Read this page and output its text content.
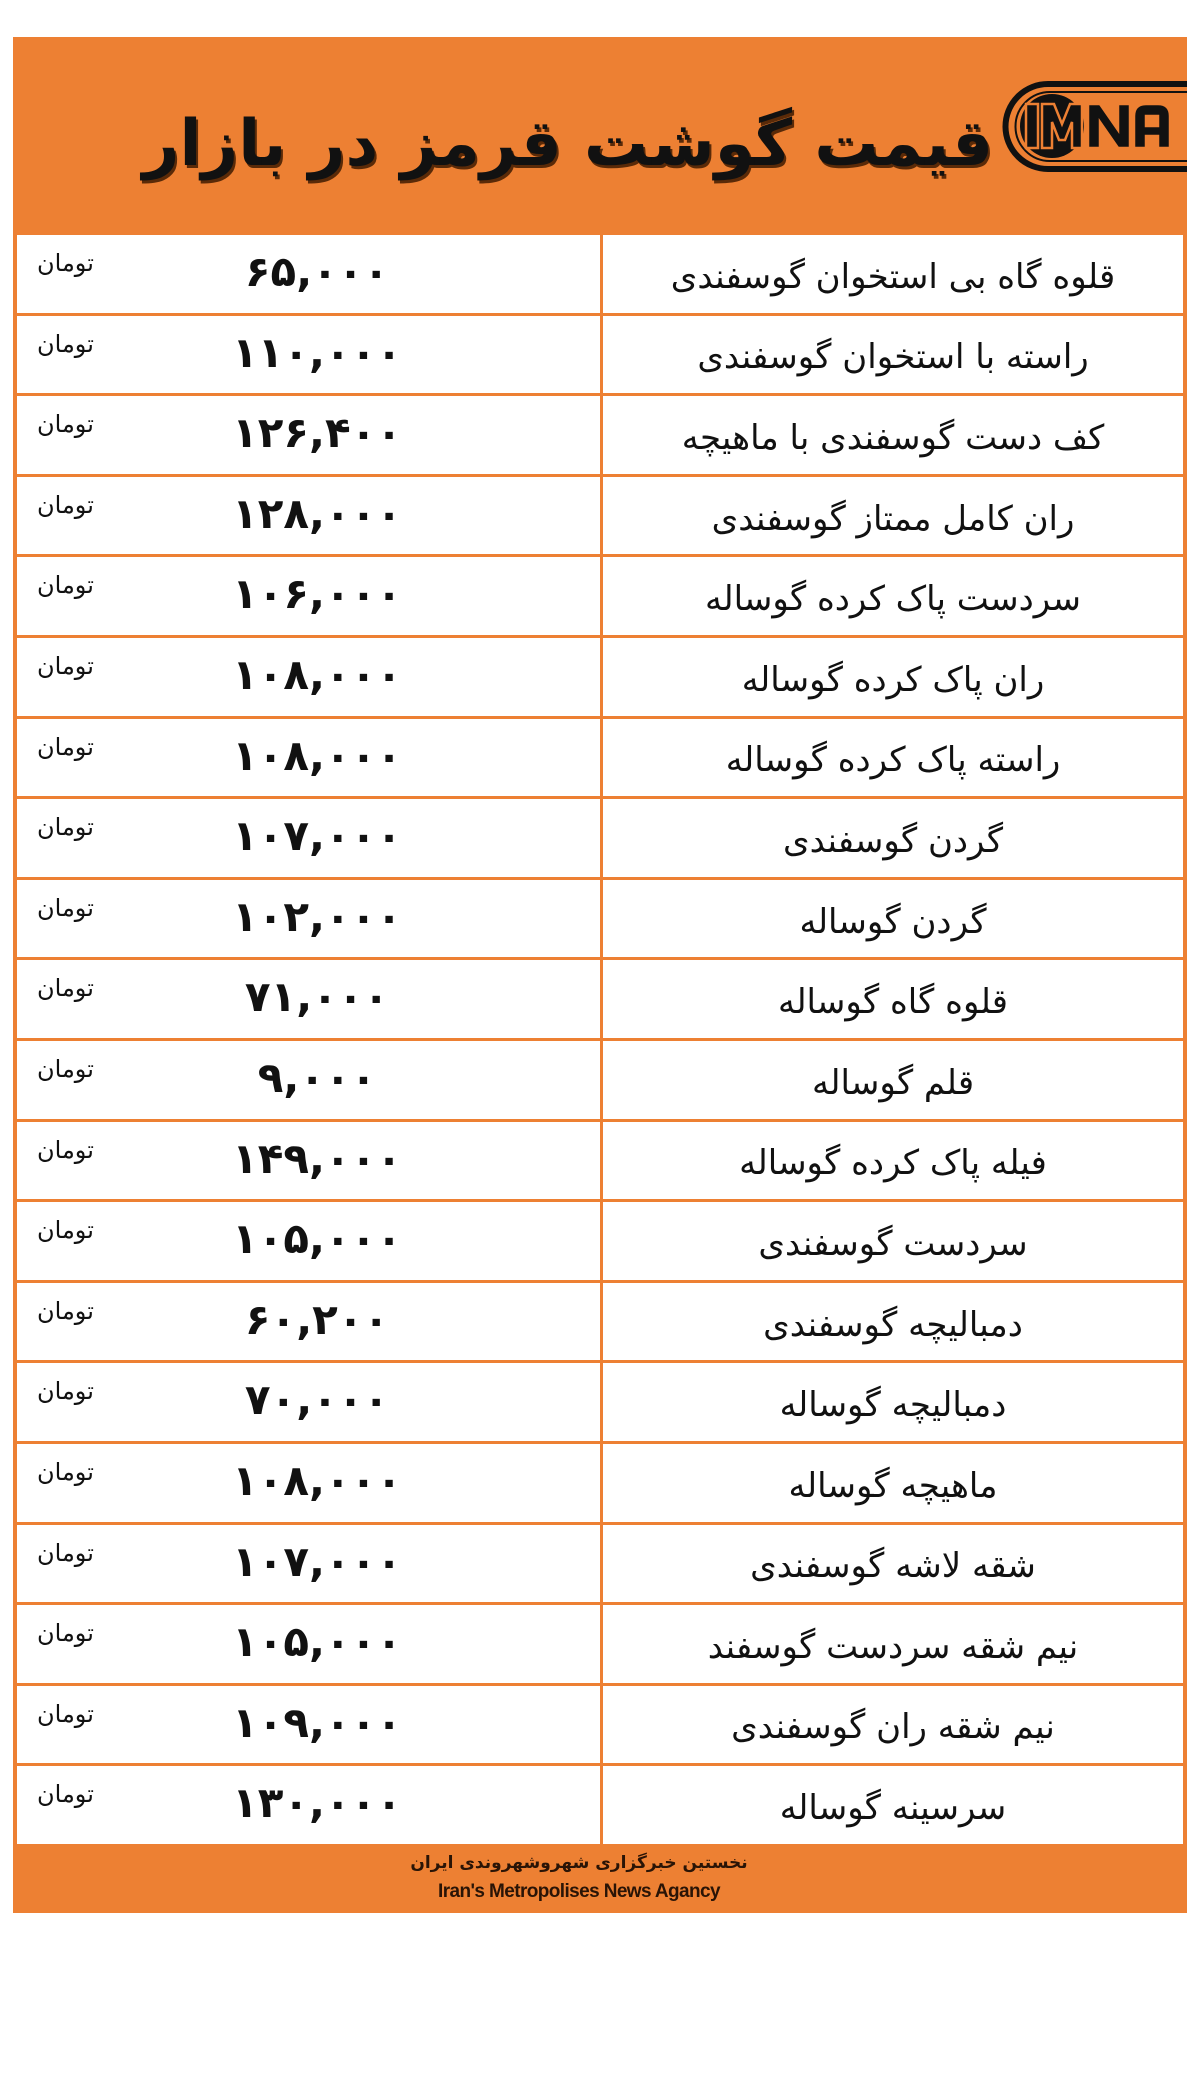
قیمت گوشت قرمز در بازار
تومان	۶۵,۰۰۰	قلوه گاه بی استخوان گوسفندی
تومان	۱۱۰,۰۰۰	راسته با استخوان گوسفندی
تومان	۱۲۶,۴۰۰	کف دست گوسفندی با ماهیچه
تومان	۱۲۸,۰۰۰	ران کامل ممتاز گوسفندی
تومان	۱۰۶,۰۰۰	سردست پاک کرده گوساله
تومان	۱۰۸,۰۰۰	ران پاک کرده گوساله
تومان	۱۰۸,۰۰۰	راسته پاک کرده گوساله
تومان	۱۰۷,۰۰۰	گردن گوسفندی
تومان	۱۰۲,۰۰۰	گردن گوساله
تومان	۷۱,۰۰۰	قلوه گاه گوساله
تومان	۹,۰۰۰	قلم گوساله
تومان	۱۴۹,۰۰۰	فیله پاک کرده گوساله
تومان	۱۰۵,۰۰۰	سردست گوسفندی
تومان	۶۰,۲۰۰	دمبالیچه گوسفندی
تومان	۷۰,۰۰۰	دمبالیچه گوساله
تومان	۱۰۸,۰۰۰	ماهیچه گوساله
تومان	۱۰۷,۰۰۰	شقه لاشه گوسفندی
تومان	۱۰۵,۰۰۰	نیم شقه سردست گوسفند
تومان	۱۰۹,۰۰۰	نیم شقه ران گوسفندی
تومان	۱۳۰,۰۰۰	سرسینه گوساله
نخستین خبرگزاری شهروشهروندی ایران
Iran's Metropolises News Agancy
